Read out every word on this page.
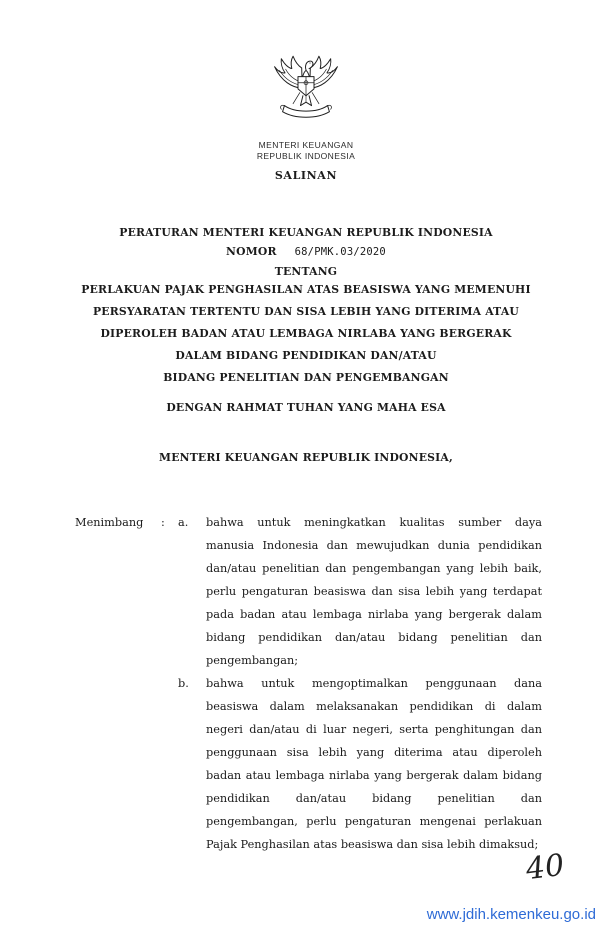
MENTERI KEUANGAN
REPUBLIK INDONESIA
SALINAN
PERATURAN MENTERI KEUANGAN REPUBLIK INDONESIA
NOMOR 68/PMK.03/2020
TENTANG
PERLAKUAN PAJAK PENGHASILAN ATAS BEASISWA YANG MEMENUHI
PERSYARATAN TERTENTU DAN SISA LEBIH YANG DITERIMA ATAU
DIPEROLEH BADAN ATAU LEMBAGA NIRLABA YANG BERGERAK
DALAM BIDANG PENDIDIKAN DAN/ATAU
BIDANG PENELITIAN DAN PENGEMBANGAN
DENGAN RAHMAT TUHAN YANG MAHA ESA
MENTERI KEUANGAN REPUBLIK INDONESIA,
Menimbang	:	a.	bahwa untuk meningkatkan kualitas sumber daya manusia Indonesia dan mewujudkan dunia pendidikan dan/atau penelitian dan pengembangan yang lebih baik, perlu pengaturan beasiswa dan sisa lebih yang terdapat pada badan atau lembaga nirlaba yang bergerak dalam bidang pendidikan dan/atau bidang penelitian dan pengembangan;
b.	bahwa untuk mengoptimalkan penggunaan dana beasiswa dalam melaksanakan pendidikan di dalam negeri dan/atau di luar negeri, serta penghitungan dan penggunaan sisa lebih yang diterima atau diperoleh badan atau lembaga nirlaba yang bergerak dalam bidang pendidikan dan/atau bidang penelitian dan pengembangan, perlu pengaturan mengenai perlakuan Pajak Penghasilan atas beasiswa dan sisa lebih dimaksud;
40
www.jdih.kemenkeu.go.id
